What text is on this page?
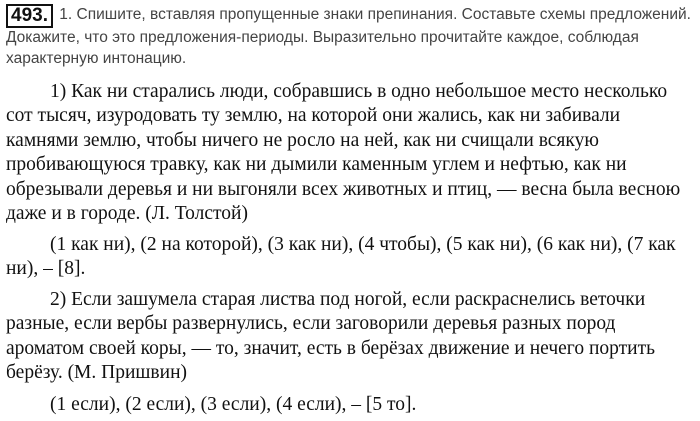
493. 1. Спишите, вставляя пропущенные знаки препинания. Составьте схемы предложений. Докажите, что это предложения-периоды. Выразительно прочитайте каждое, соблюдая характерную интонацию.

1) Как ни старались люди, собравшись в одно небольшое место несколько сот тысяч, изуродовать ту землю, на которой они жались, как ни забивали камнями землю, чтобы ничего не росло на ней, как ни счищали всякую пробивающуюся травку, как ни дымили каменным углем и нефтью, как ни обрезывали деревья и ни выгоняли всех животных и птиц, — весна была весною даже и в городе. (Л. Толстой)

(1 как ни), (2 на которой), (3 как ни), (4 чтобы), (5 как ни), (6 как ни), (7 как ни), – [8].

2) Если зашумела старая листва под ногой, если раскраснелись веточки разные, если вербы развернулись, если заговорили деревья разных пород ароматом своей коры, — то, значит, есть в берёзах движение и нечего портить берёзу. (М. Пришвин)

(1 если), (2 если), (3 если), (4 если), – [5 то].
